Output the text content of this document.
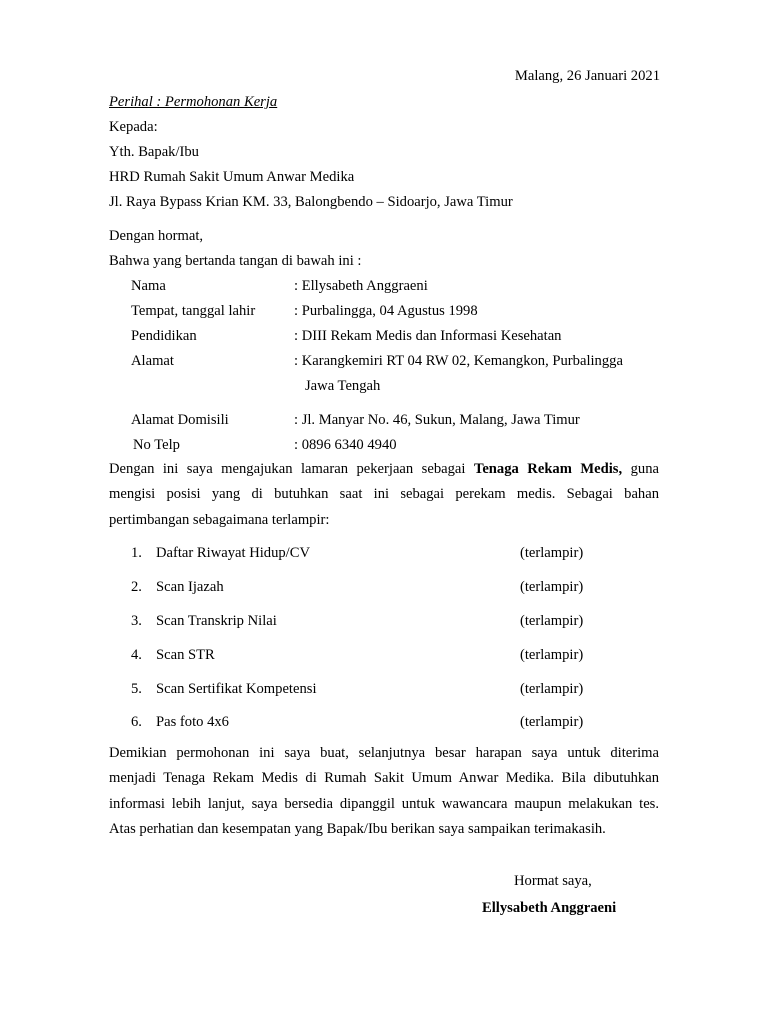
Malang, 26 Januari 2021
Perihal : Permohonan Kerja
Kepada:
Yth. Bapak/Ibu
HRD Rumah Sakit Umum Anwar Medika
Jl. Raya Bypass Krian KM. 33, Balongbendo – Sidoarjo, Jawa Timur
Dengan hormat,
Bahwa yang bertanda tangan di bawah ini :
Nama	: Ellysabeth Anggraeni
Tempat, tanggal lahir	: Purbalingga, 04 Agustus 1998
Pendidikan	: DIII Rekam Medis dan Informasi Kesehatan
Alamat	: Karangkemiri RT 04 RW 02, Kemangkon, Purbalingga
Jawa Tengah
Alamat Domisili	: Jl. Manyar No. 46, Sukun, Malang, Jawa Timur
No Telp	: 0896 6340 4940

Dengan ini saya mengajukan lamaran pekerjaan sebagai Tenaga Rekam Medis, guna

mengisi posisi yang di butuhkan saat ini sebagai perekam medis. Sebagai bahan

pertimbangan sebagaimana terlampir:

1. Daftar Riwayat Hidup/CV	(terlampir)
2. Scan Ijazah	(terlampir)
3. Scan Transkrip Nilai	(terlampir)
4. Scan STR	(terlampir)
5. Scan Sertifikat Kompetensi	(terlampir)
6. Pas foto 4x6	(terlampir)

Demikian permohonan ini saya buat, selanjutnya besar harapan saya untuk diterima

menjadi Tenaga Rekam Medis di Rumah Sakit Umum Anwar Medika. Bila dibutuhkan

informasi lebih lanjut, saya bersedia dipanggil untuk wawancara maupun melakukan tes.

Atas perhatian dan kesempatan yang Bapak/Ibu berikan saya sampaikan terimakasih.

Hormat saya,
Ellysabeth Anggraeni
